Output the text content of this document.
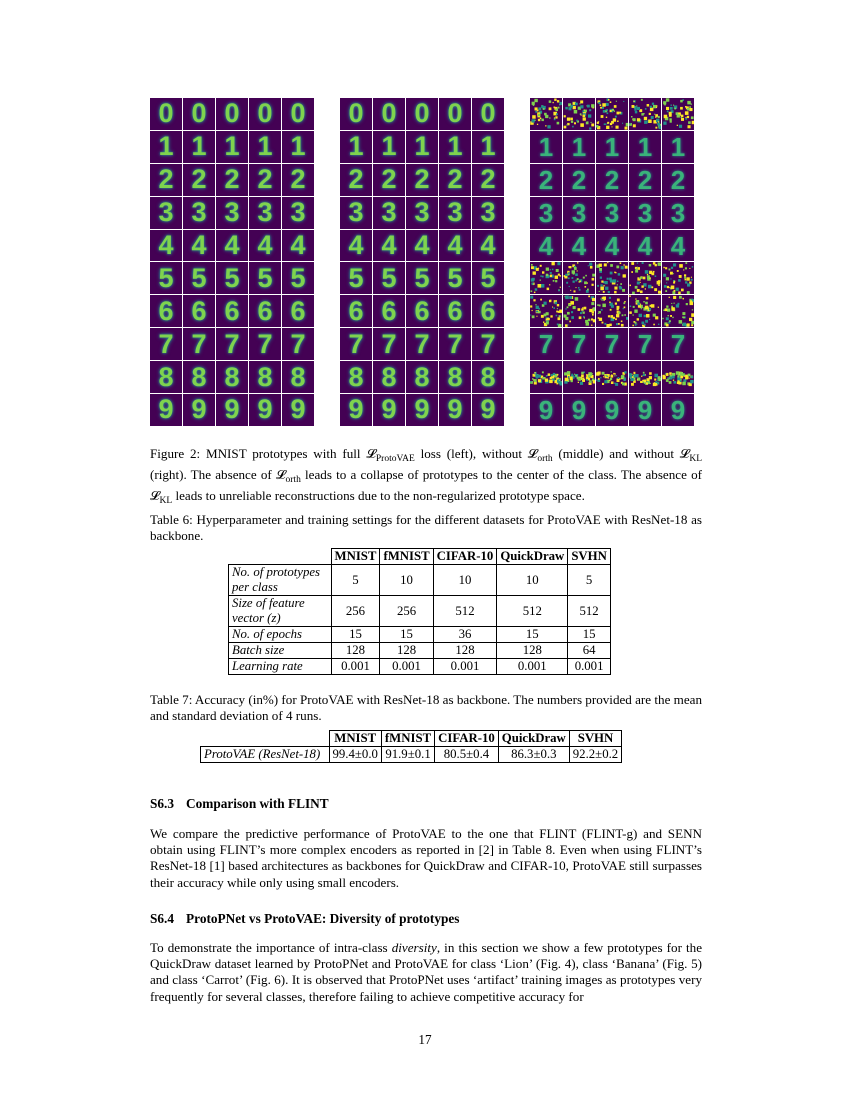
0 0 0 0 0
1 1 1 1 1
2 2 2 2 2
3 3 3 3 3
4 4 4 4 4
5 5 5 5 5
6 6 6 6 6
7 7 7 7 7
8 8 8 8 8
9 9 9 9 9
0 0 0 0 0
1 1 1 1 1
2 2 2 2 2
3 3 3 3 3
4 4 4 4 4
5 5 5 5 5
6 6 6 6 6
7 7 7 7 7
8 8 8 8 8
9 9 9 9 9
1 1 1 1 1
2 2 2 2 2
3 3 3 3 3
4 4 4 4 4
7 7 7 7 7
9 9 9 9 9
Figure 2: MNIST prototypes with full 𝓛$_{ProtoVAE}$ loss (left), without 𝓛$_{orth}$ (middle) and without 𝓛$_{KL}$ (right). The absence of 𝓛$_{orth}$ leads to a collapse of prototypes to the center of the class. The absence of 𝓛$_{KL}$ leads to unreliable reconstructions due to the non-regularized prototype space.
Table 6: Hyperparameter and training settings for the different datasets for ProtoVAE with ResNet-18 as backbone.
	MNIST	fMNIST	CIFAR-10	QuickDraw	SVHN
No. of prototypes
per class	5	10	10	10	5
Size of feature
vector (z)	256	256	512	512	512
No. of epochs	15	15	36	15	15
Batch size	128	128	128	128	64
Learning rate	0.001	0.001	0.001	0.001	0.001
Table 7: Accuracy (in%) for ProtoVAE with ResNet-18 as backbone. The numbers provided are the mean and standard deviation of 4 runs.
	MNIST	fMNIST	CIFAR-10	QuickDraw	SVHN
ProtoVAE (ResNet-18)	99.4±0.0	91.9±0.1	80.5±0.4	86.3±0.3	92.2±0.2
S6.3 Comparison with FLINT
We compare the predictive performance of ProtoVAE to the one that FLINT (FLINT-g) and SENN obtain using FLINT’s more complex encoders as reported in [2] in Table 8. Even when using FLINT’s ResNet-18 [1] based architectures as backbones for QuickDraw and CIFAR-10, ProtoVAE still surpasses their accuracy while only using small encoders.
S6.4 ProtoPNet vs ProtoVAE: Diversity of prototypes
To demonstrate the importance of intra-class diversity, in this section we show a few prototypes for the QuickDraw dataset learned by ProtoPNet and ProtoVAE for class ‘Lion’ (Fig. 4), class ‘Banana’ (Fig. 5) and class ‘Carrot’ (Fig. 6). It is observed that ProtoPNet uses ‘artifact’ training images as prototypes very frequently for several classes, therefore failing to achieve competitive accuracy for
17
